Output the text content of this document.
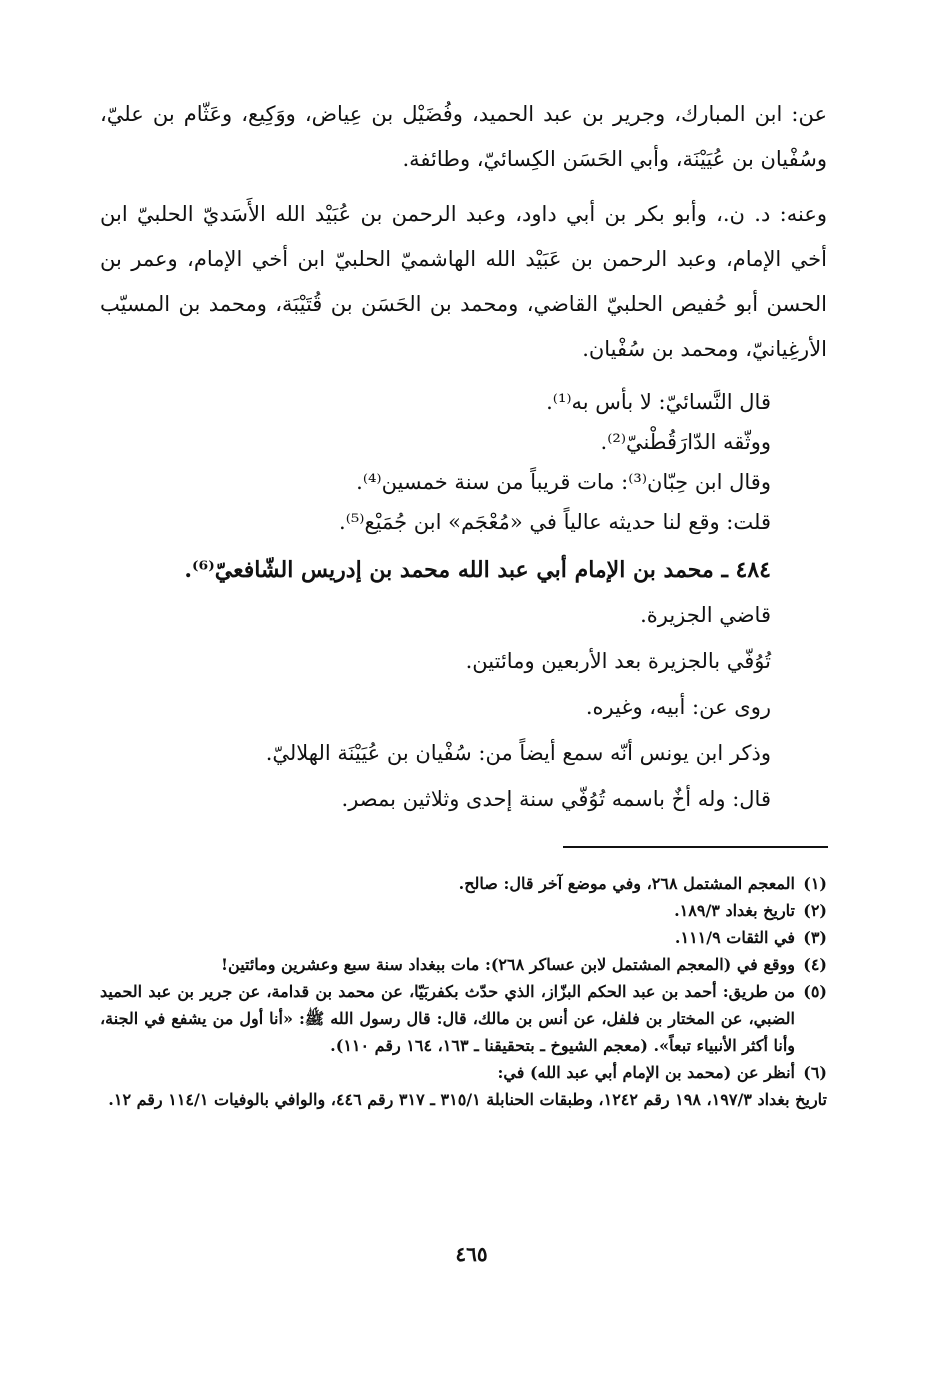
عن: ابن المبارك، وجرير بن عبد الحميد، وفُضَيْل بن عِياض، ووَكِيع، وعَثّام بن عليّ، وسُفْيان بن عُيَيْنَة، وأبي الحَسَن الكِسائيّ، وطائفة.

وعنه: د. ن.، وأبو بكر بن أبي داود، وعبد الرحمن بن عُبَيْد الله الأَسَديّ الحلبيّ ابن أخي الإمام، وعبد الرحمن بن عَبَيْد الله الهاشميّ الحلبيّ ابن أخي الإمام، وعمر بن الحسن أبو حُفيص الحلبيّ القاضي، ومحمد بن الحَسَن بن قُتَيْبَة، ومحمد بن المسيّب الأرغِيانيّ، ومحمد بن سُفْيان.

قال النَّسائيّ: لا بأس به⁽¹⁾.

ووثّقه الدّارَقُطْنيّ⁽²⁾.

وقال ابن حِبّان⁽³⁾: مات قريباً من سنة خمسين⁽⁴⁾.

قلت: وقع لنا حديثه عالياً في «مُعْجَم» ابن جُمَيْع⁽⁵⁾.

٤٨٤ ـ محمد بن الإمام أبي عبد الله محمد بن إدريس الشّافعيّ⁽⁶⁾.

قاضي الجزيرة.

تُوُفّي بالجزيرة بعد الأربعين ومائتين.

روى عن: أبيه، وغيره.

وذكر ابن يونس أنّه سمع أيضاً من: سُفْيان بن عُيَيْنَة الهلاليّ.

قال: وله أخٌ باسمه تُوُفّي سنة إحدى وثلاثين بمصر.

(١)
المعجم المشتمل ٢٦٨، وفي موضع آخر قال: صالح.
(٢)
تاريخ بغداد ١٨٩/٣.
(٣)
في الثقات ١١١/٩.
(٤)
ووقع في (المعجم المشتمل لابن عساكر ٢٦٨): مات ببغداد سنة سبع وعشرين ومائتين!
(٥)
من طريق: أحمد بن عبد الحكم البزّاز، الذي حدّث بكفربَيّا، عن محمد بن قدامة، عن جرير بن عبد الحميد الضبي، عن المختار بن فلفل، عن أنس بن مالك، قال: قال رسول الله ﷺ: «أنا أول من يشفع في الجنة، وأنا أكثر الأنبياء تبعاً». (معجم الشيوخ ـ بتحقيقنا ـ ١٦٣، ١٦٤ رقم ١١٠).
(٦)
أنظر عن (محمد بن الإمام أبي عبد الله) في:
تاريخ بغداد ١٩٧/٣، ١٩٨ رقم ١٢٤٢، وطبقات الحنابلة ٣١٥/١ ـ ٣١٧ رقم ٤٤٦، والوافي بالوفيات ١١٤/١ رقم ١٢.
٤٦٥
